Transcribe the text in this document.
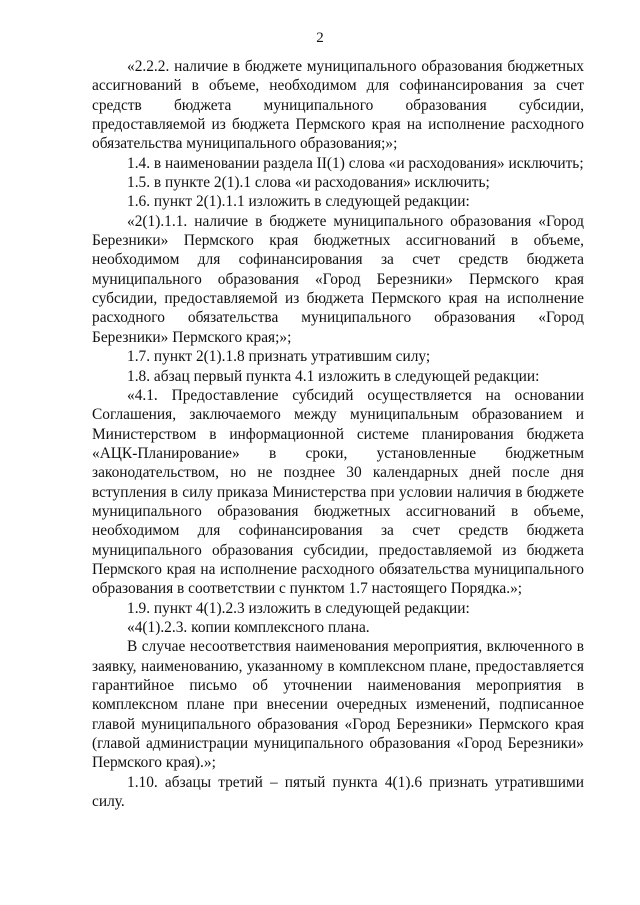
2

«2.2.2. наличие в бюджете муниципального образования бюджетных ассигнований в объеме, необходимом для софинансирования за счет средств бюджета муниципального образования субсидии, предоставляемой из бюджета Пермского края на исполнение расходного обязательства муниципального образования;»;

1.4. в наименовании раздела II(1) слова «и расходования» исключить;

1.5. в пункте 2(1).1 слова «и расходования» исключить;

1.6. пункт 2(1).1.1 изложить в следующей редакции:

«2(1).1.1. наличие в бюджете муниципального образования «Город Березники» Пермского края бюджетных ассигнований в объеме, необходимом для софинансирования за счет средств бюджета муниципального образования «Город Березники» Пермского края субсидии, предоставляемой из бюджета Пермского края на исполнение расходного обязательства муниципального образования «Город Березники» Пермского края;»;

1.7. пункт 2(1).1.8 признать утратившим силу;

1.8. абзац первый пункта 4.1 изложить в следующей редакции:

«4.1. Предоставление субсидий осуществляется на основании Соглашения, заключаемого между муниципальным образованием и Министерством в информационной системе планирования бюджета «АЦК-Планирование» в сроки, установленные бюджетным законодательством, но не позднее 30 календарных дней после дня вступления в силу приказа Министерства при условии наличия в бюджете муниципального образования бюджетных ассигнований в объеме, необходимом для софинансирования за счет средств бюджета муниципального образования субсидии, предоставляемой из бюджета Пермского края на исполнение расходного обязательства муниципального образования в соответствии с пунктом 1.7 настоящего Порядка.»;

1.9. пункт 4(1).2.3 изложить в следующей редакции:

«4(1).2.3. копии комплексного плана.

В случае несоответствия наименования мероприятия, включенного в заявку, наименованию, указанному в комплексном плане, предоставляется гарантийное письмо об уточнении наименования мероприятия в комплексном плане при внесении очередных изменений, подписанное главой муниципального образования «Город Березники» Пермского края (главой администрации муниципального образования «Город Березники» Пермского края).»;

1.10. абзацы третий – пятый пункта 4(1).6 признать утратившими силу.
